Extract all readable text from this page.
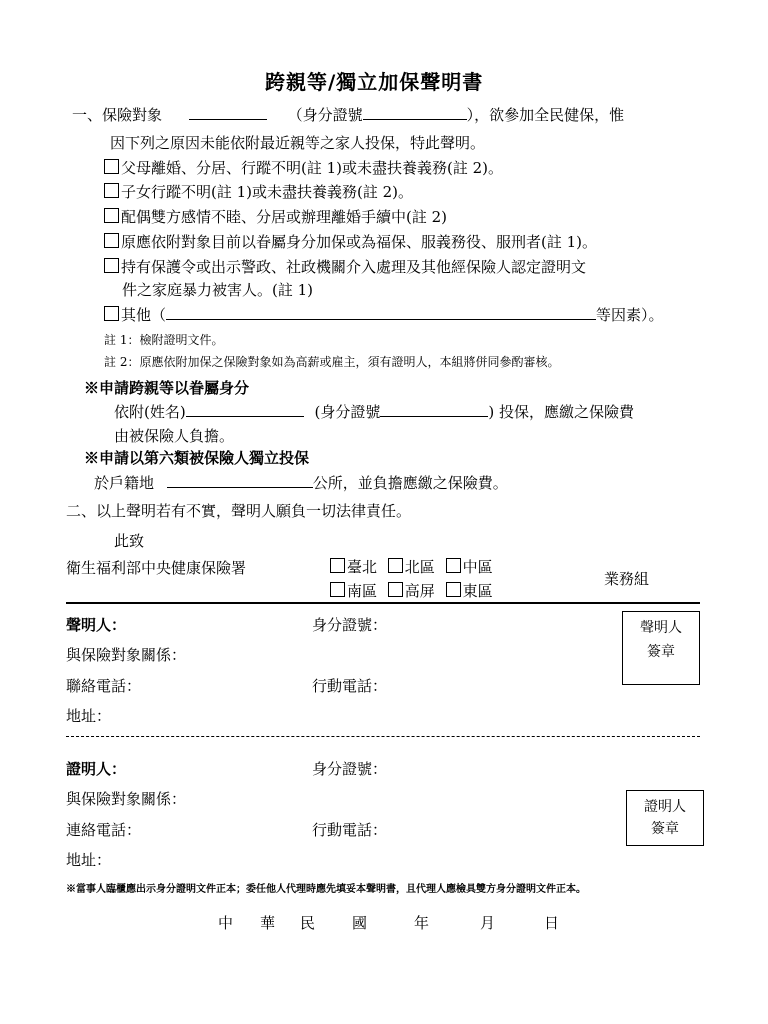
跨親等/獨立加保聲明書
一、保險對象	（身分證號	），欲參加全民健保，惟
因下列之原因未能依附最近親等之家人投保，特此聲明。
父母離婚、分居、行蹤不明(註 1)或未盡扶養義務(註 2)。
子女行蹤不明(註 1)或未盡扶養義務(註 2)。
配偶雙方感情不睦、分居或辦理離婚手續中(註 2)
原應依附對象目前以眷屬身分加保或為福保、服義務役、服刑者(註 1)。
持有保護令或出示警政、社政機關介入處理及其他經保險人認定證明文
件之家庭暴力被害人。(註 1)
其他（	等因素）。
註 1：檢附證明文件。
註 2：原應依附加保之保險對象如為高薪或雇主，須有證明人，本組將併同參酌審核。
※申請跨親等以眷屬身分
依附(姓名)	(身分證號	) 投保，應繳之保險費
由被保險人負擔。
※申請以第六類被保險人獨立投保
於戶籍地	公所，並負擔應繳之保險費。
二、以上聲明若有不實，聲明人願負一切法律責任。
此致
衛生福利部中央健康保險署	臺北 北區 中區
南區 高屏 東區
業務組
聲明人：	身分證號：
與保險對象關係：
聯絡電話：	行動電話：
地址：
聲明人
簽章
證明人：	身分證號：
與保險對象關係：
連絡電話：	行動電話：
地址：
證明人
簽章
※當事人臨櫃應出示身分證明文件正本；委任他人代理時應先填妥本聲明書，且代理人應檢具雙方身分證明文件正本。
中 華 民 國	年	月	日
